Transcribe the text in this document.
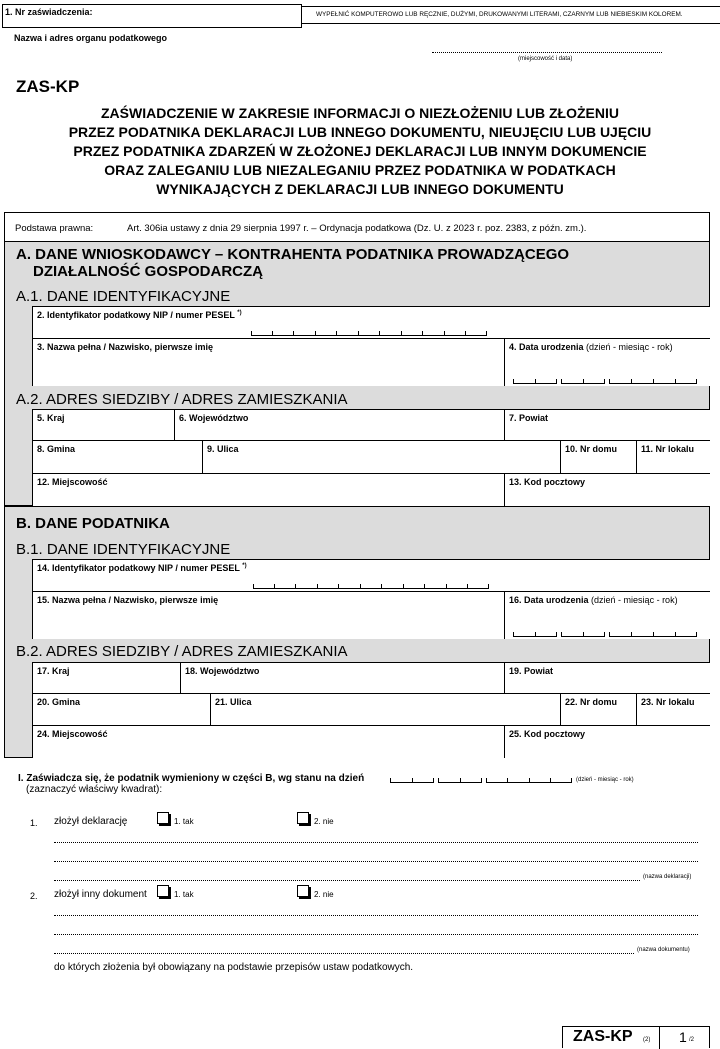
1. Nr zaświadczenia:	WYPEŁNIĆ KOMPUTEROWO LUB RĘCZNIE, DUŻYMI, DRUKOWANYMI LITERAMI, CZARNYM LUB NIEBIESKIM KOLOREM.
Nazwa i adres organu podatkowego
(miejscowość i data)
ZAS-KP
ZAŚWIADCZENIE W ZAKRESIE INFORMACJI O NIEZŁOŻENIU LUB ZŁOŻENIU
PRZEZ PODATNIKA DEKLARACJI LUB INNEGO DOKUMENTU, NIEUJĘCIU LUB UJĘCIU
PRZEZ PODATNIKA ZDARZEŃ W ZŁOŻONEJ DEKLARACJI LUB INNYM DOKUMENCIE
ORAZ ZALEGANIU LUB NIEZALEGANIU PRZEZ PODATNIKA W PODATKACH
WYNIKAJĄCYCH Z DEKLARACJI LUB INNEGO DOKUMENTU
Podstawa prawna:	Art. 306ia ustawy z dnia 29 sierpnia 1997 r. – Ordynacja podatkowa (Dz. U. z 2023 r. poz. 2383, z późn. zm.).
A. DANE WNIOSKODAWCY – KONTRAHENTA PODATNIKA PROWADZĄCEGO
DZIAŁALNOŚĆ GOSPODARCZĄ
A.1. DANE IDENTYFIKACYJNE
2. Identyfikator podatkowy NIP / numer PESEL *)
3. Nazwa pełna / Nazwisko, pierwsze imię	4. Data urodzenia (dzień - miesiąc - rok)
A.2. ADRES SIEDZIBY / ADRES ZAMIESZKANIA
5. Kraj	6. Województwo	7. Powiat
8. Gmina	9. Ulica	10. Nr domu	11. Nr lokalu
12. Miejscowość	13. Kod pocztowy
B. DANE PODATNIKA
B.1. DANE IDENTYFIKACYJNE
14. Identyfikator podatkowy NIP / numer PESEL *)
15. Nazwa pełna / Nazwisko, pierwsze imię	16. Data urodzenia (dzień - miesiąc - rok)
B.2. ADRES SIEDZIBY / ADRES ZAMIESZKANIA
17. Kraj	18. Województwo	19. Powiat
20. Gmina	21. Ulica	22. Nr domu	23. Nr lokalu
24. Miejscowość	25. Kod pocztowy
I. Zaświadcza się, że podatnik wymieniony w części B, wg stanu na dzień	(dzień - miesiąc - rok)
(zaznaczyć właściwy kwadrat):
1. złożył deklarację	1. tak	2. nie
(nazwa deklaracji)
2. złożył inny dokument	1. tak	2. nie
(nazwa dokumentu)
do których złożenia był obowiązany na podstawie przepisów ustaw podatkowych.
ZAS-KP (2) 1 /2
